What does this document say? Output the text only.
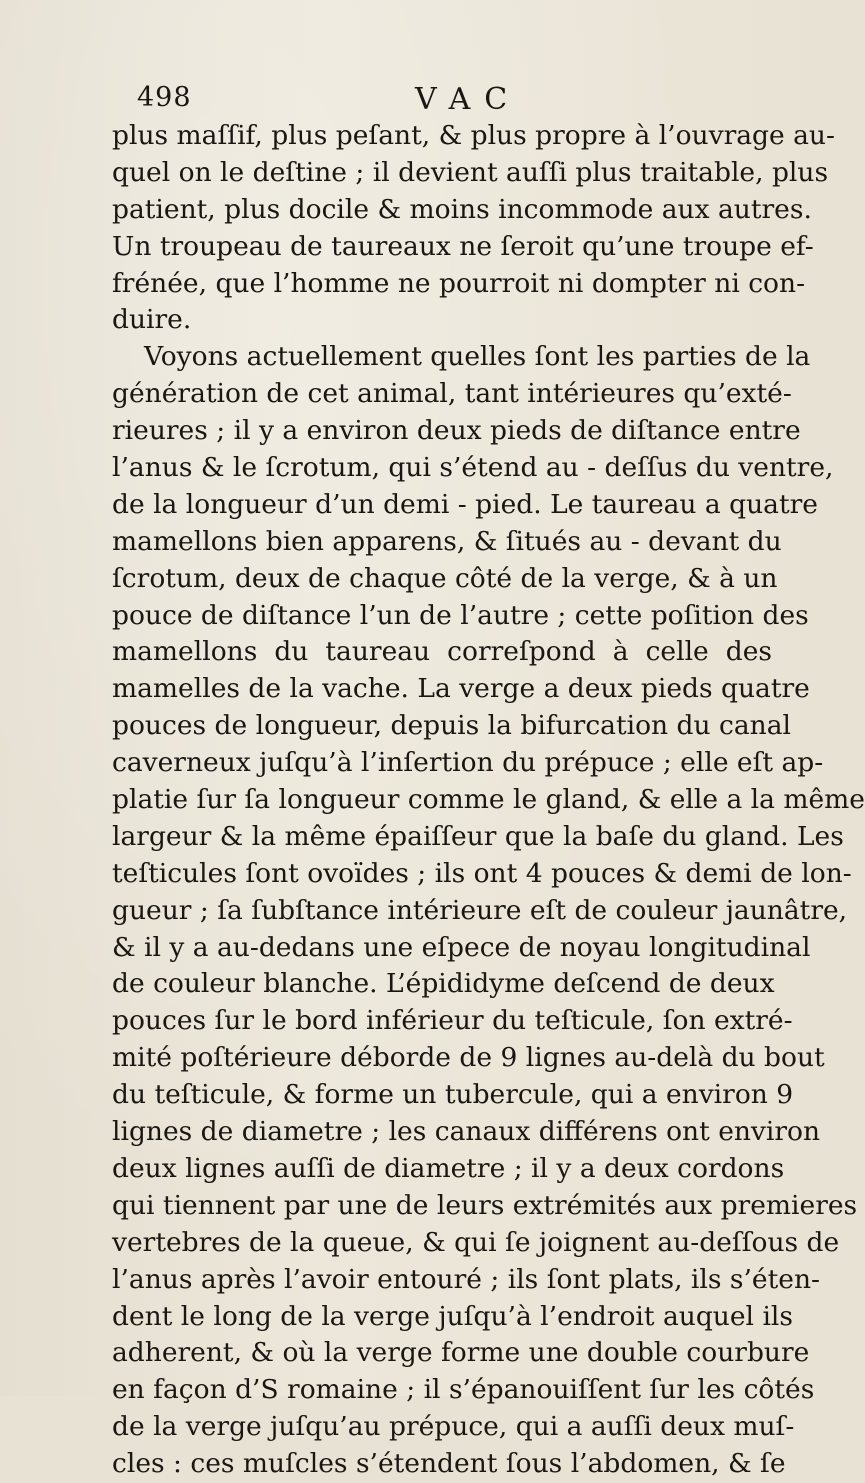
498	VAC
plus maſſif, plus peſant, & plus propre à l’ouvrage au-
quel on le deſtine ; il devient auſſi plus traitable, plus
patient, plus docile & moins incommode aux autres.
Un troupeau de taureaux ne ſeroit qu’une troupe ef-
frénée, que l’homme ne pourroit ni dompter ni con-
duire.
Voyons actuellement quelles ſont les parties de la
génération de cet animal, tant intérieures qu’exté-
rieures ; il y a environ deux pieds de diſtance entre
l’anus & le ſcrotum, qui s’étend au - deſſus du ventre,
de la longueur d’un demi - pied. Le taureau a quatre
mamellons bien apparens, & ſitués au - devant du
ſcrotum, deux de chaque côté de la verge, & à un
pouce de diſtance l’un de l’autre ; cette poſition des
mamellons du taureau correſpond à celle des
mamelles de la vache. La verge a deux pieds quatre
pouces de longueur, depuis la bifurcation du canal
caverneux juſqu’à l’inſertion du prépuce ; elle eſt ap-
platie ſur ſa longueur comme le gland, & elle a la même
largeur & la même épaiſſeur que la baſe du gland. Les
teſticules ſont ovoïdes ; ils ont 4 pouces & demi de lon-
gueur ; ſa ſubſtance intérieure eſt de couleur jaunâtre,
& il y a au-dedans une eſpece de noyau longitudinal
de couleur blanche. L’épididyme deſcend de deux
pouces ſur le bord inférieur du teſticule, ſon extré-
mité poſtérieure déborde de 9 lignes au-delà du bout
du teſticule, & forme un tubercule, qui a environ 9
lignes de diametre ; les canaux différens ont environ
deux lignes auſſi de diametre ; il y a deux cordons
qui tiennent par une de leurs extrémités aux premieres
vertebres de la queue, & qui ſe joignent au-deſſous de
l’anus après l’avoir entouré ; ils ſont plats, ils s’éten-
dent le long de la verge juſqu’à l’endroit auquel ils
adherent, & où la verge forme une double courbure
en façon d’S romaine ; il s’épanouiſſent ſur les côtés
de la verge juſqu’au prépuce, qui a auſſi deux muſ-
cles : ces muſcles s’étendent ſous l’abdomen, & ſe
